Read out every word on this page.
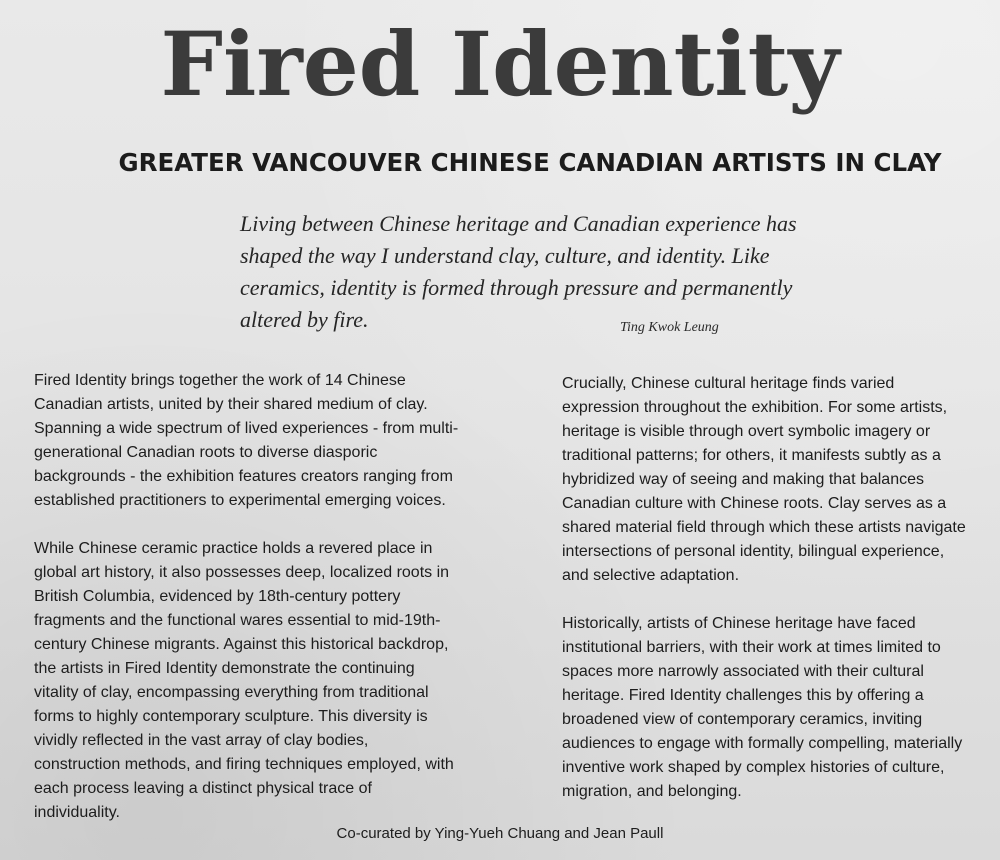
Fired Identity
GREATER VANCOUVER CHINESE CANADIAN ARTISTS IN CLAY
Living between Chinese heritage and Canadian experience has
shaped the way I understand clay, culture, and identity. Like
ceramics, identity is formed through pressure and permanently
altered by fire.	Ting Kwok Leung

Fired Identity brings together the work of 14 Chinese
Canadian artists, united by their shared medium of clay.
Spanning a wide spectrum of lived experiences - from multi-
generational Canadian roots to diverse diasporic
backgrounds - the exhibition features creators ranging from
established practitioners to experimental emerging voices.

While Chinese ceramic practice holds a revered place in
global art history, it also possesses deep, localized roots in
British Columbia, evidenced by 18th-century pottery
fragments and the functional wares essential to mid-19th-
century Chinese migrants. Against this historical backdrop,
the artists in Fired Identity demonstrate the continuing
vitality of clay, encompassing everything from traditional
forms to highly contemporary sculpture. This diversity is
vividly reflected in the vast array of clay bodies,
construction methods, and firing techniques employed, with
each process leaving a distinct physical trace of
individuality.

Crucially, Chinese cultural heritage finds varied
expression throughout the exhibition. For some artists,
heritage is visible through overt symbolic imagery or
traditional patterns; for others, it manifests subtly as a
hybridized way of seeing and making that balances
Canadian culture with Chinese roots. Clay serves as a
shared material field through which these artists navigate
intersections of personal identity, bilingual experience,
and selective adaptation.

Historically, artists of Chinese heritage have faced
institutional barriers, with their work at times limited to
spaces more narrowly associated with their cultural
heritage. Fired Identity challenges this by offering a
broadened view of contemporary ceramics, inviting
audiences to engage with formally compelling, materially
inventive work shaped by complex histories of culture,
migration, and belonging.

Co-curated by Ying-Yueh Chuang and Jean Paull
